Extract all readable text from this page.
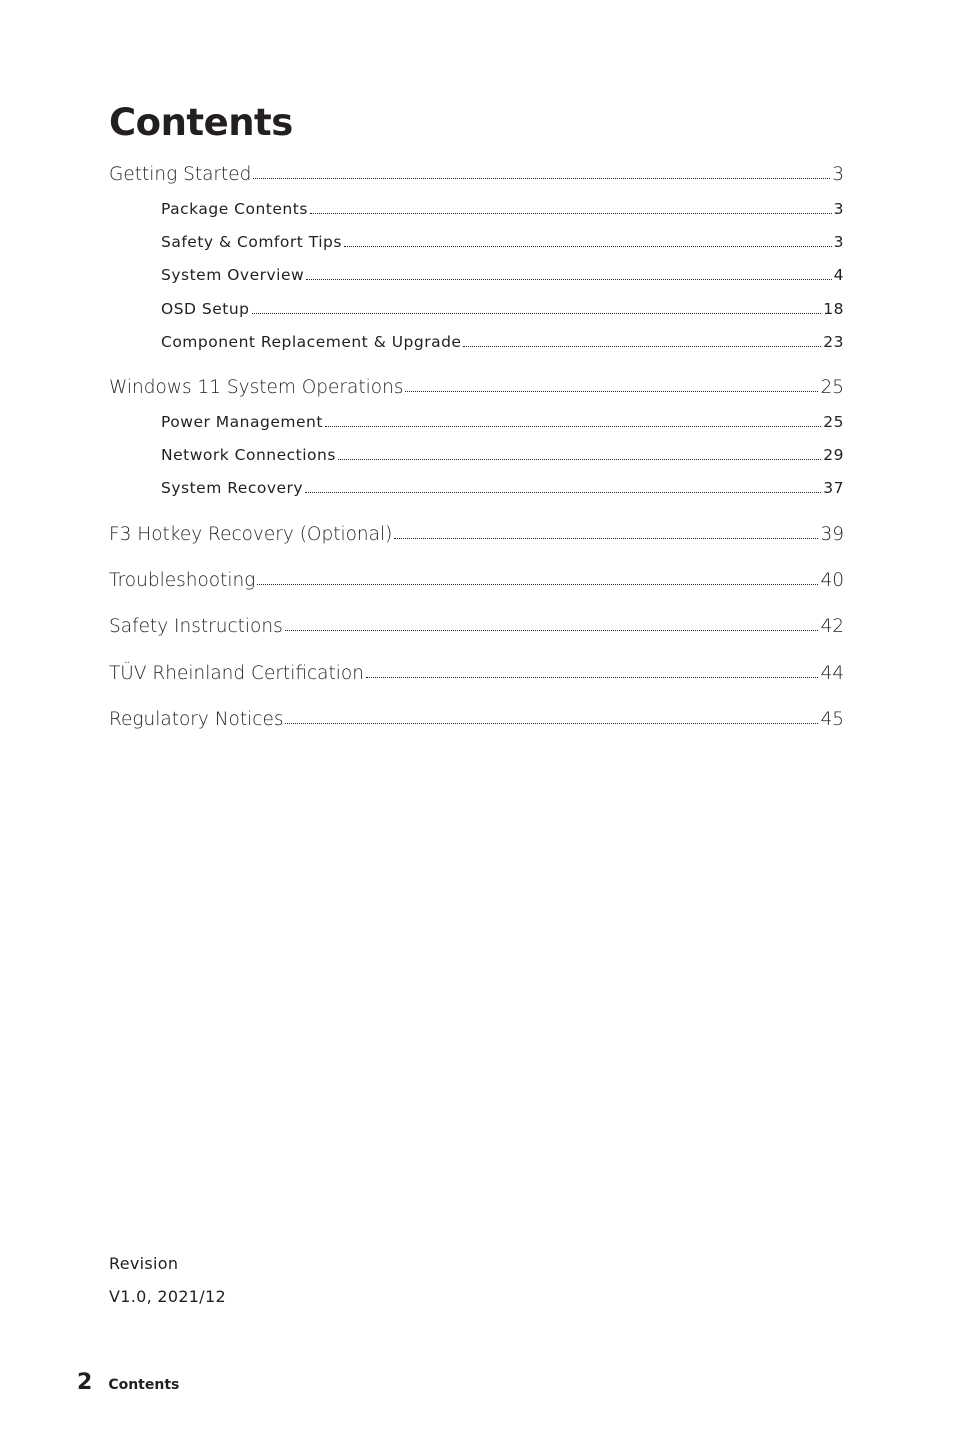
Contents
Getting Started	3
Package Contents	3
Safety & Comfort Tips	3
System Overview	4
OSD Setup	18
Component Replacement & Upgrade	23
Windows 11 System Operations	25
Power Management	25
Network Connections	29
System Recovery	37
F3 Hotkey Recovery (Optional)	39
Troubleshooting	40
Safety Instructions	42
TÜV Rheinland Certification	44
Regulatory Notices	45
Revision
V1.0, 2021/12
2 Contents
